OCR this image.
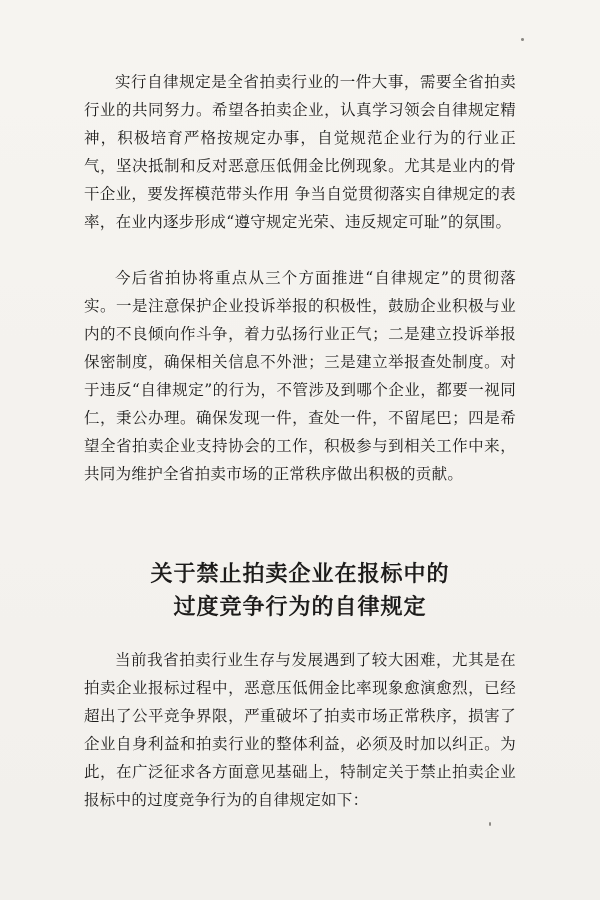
实行自律规定是全省拍卖行业的一件大事，需要全省拍卖行业的共同努力。希望各拍卖企业，认真学习领会自律规定精神，积极培育严格按规定办事，自觉规范企业行为的行业正气，坚决抵制和反对恶意压低佣金比例现象。尤其是业内的骨干企业，要发挥模范带头作用 争当自觉贯彻落实自律规定的表率，在业内逐步形成“遵守规定光荣、违反规定可耻”的氛围。

今后省拍协将重点从三个方面推进“自律规定”的贯彻落实。一是注意保护企业投诉举报的积极性，鼓励企业积极与业内的不良倾向作斗争，着力弘扬行业正气；二是建立投诉举报保密制度，确保相关信息不外泄；三是建立举报查处制度。对于违反“自律规定”的行为，不管涉及到哪个企业，都要一视同仁，秉公办理。确保发现一件，查处一件，不留尾巴；四是希望全省拍卖企业支持协会的工作，积极参与到相关工作中来，共同为维护全省拍卖市场的正常秩序做出积极的贡献。

关于禁止拍卖企业在报标中的
过度竞争行为的自律规定

当前我省拍卖行业生存与发展遇到了较大困难，尤其是在拍卖企业报标过程中，恶意压低佣金比率现象愈演愈烈，已经超出了公平竞争界限，严重破坏了拍卖市场正常秩序，损害了企业自身利益和拍卖行业的整体利益，必须及时加以纠正。为此，在广泛征求各方面意见基础上，特制定关于禁止拍卖企业报标中的过度竞争行为的自律规定如下：
